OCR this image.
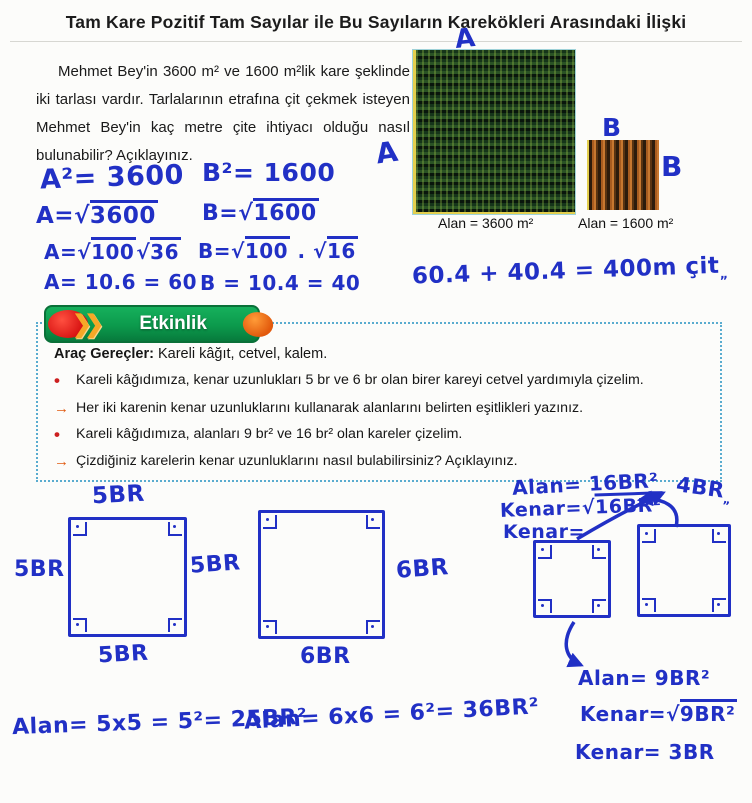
Tam Kare Pozitif Tam Sayılar ile Bu Sayıların Karekökleri Arasındaki İlişki
Mehmet Bey'in 3600 m² ve 1600 m²lik kare şeklinde iki tarlası vardır. Tarlalarının etrafına çit çekmek isteyen Mehmet Bey'in kaç metre çite ihtiyacı olduğu nasıl bulunabilir? Açıklayınız.
Alan = 3600 m²	Alan = 1600 m²
A
A
B
B
A²= 3600
A=√3600
A=√100 √36
A= 10.6 = 60
B²= 1600
B=√1600
B=√100 . √16
B = 10.4 = 40 60.4 + 40.4 = 400m çit$_„$
Araç Gereçler: Kareli kâğıt, cetvel, kalem.
•	Kareli kâğıdımıza, kenar uzunlukları 5 br ve 6 br olan birer kareyi cetvel yardımıyla çizelim.
→ Her iki karenin kenar uzunluklarını kullanarak alanlarını belirten eşitlikleri yazınız.
•	Kareli kâğıdımıza, alanları 9 br² ve 16 br² olan kareler çizelim.
→ Çizdiğiniz karelerin kenar uzunluklarını nasıl bulabilirsiniz? Açıklayınız.
❯❯	Etkinlik
5BR
5BR	5BR
5BR
6BR
6BR
Alan= 16BR²
Kenar=√16BR²
Kenar=
$4BR_„$
Alan= 9BR²
Kenar=√9BR²
Kenar= 3BR
Alan= 5x5 = 5²= 25BR²
Alan= 6x6 = 6²= 36BR²
